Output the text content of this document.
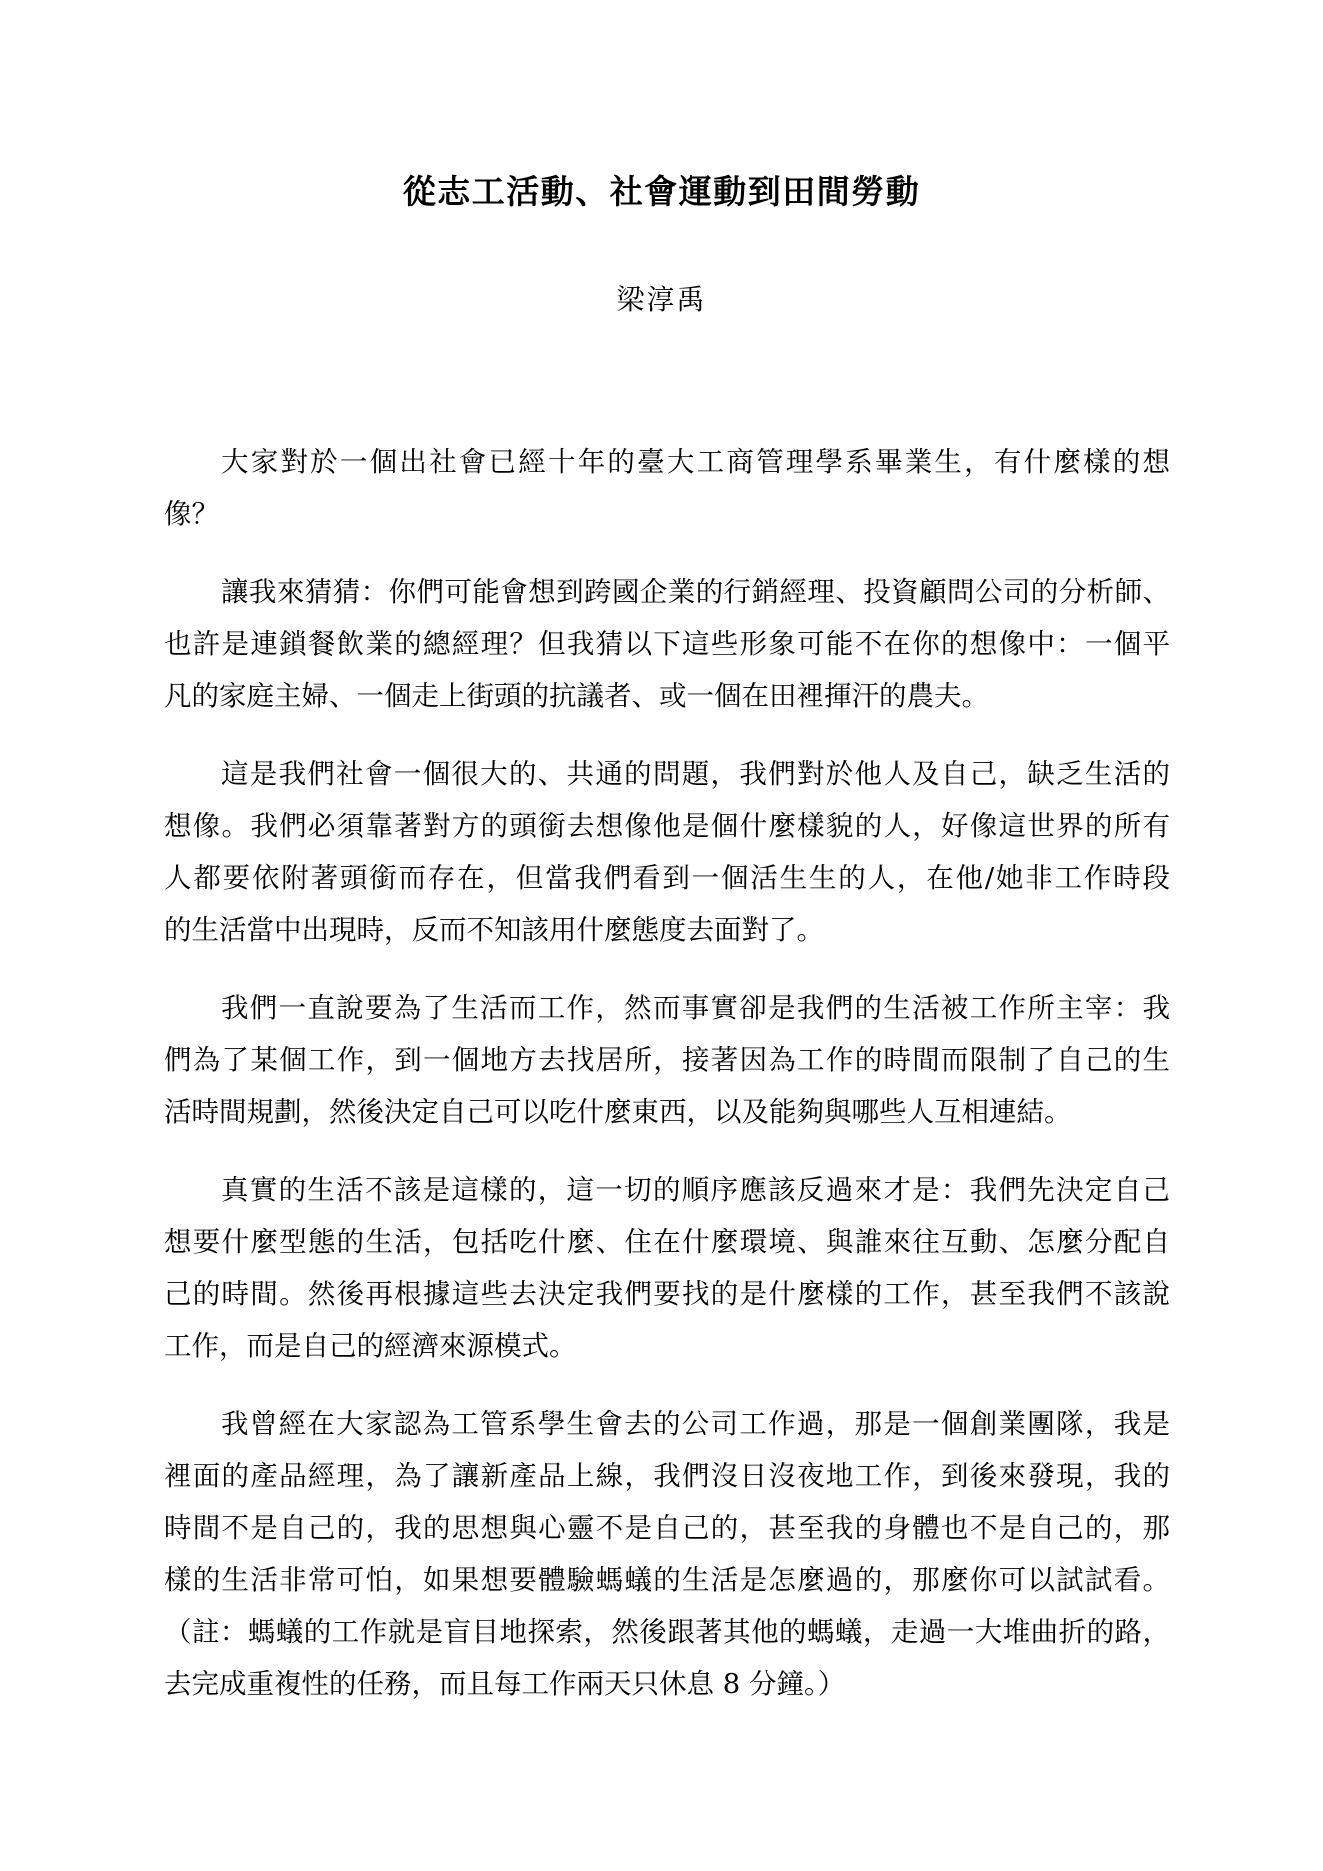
從志工活動、社會運動到田間勞動
梁淳禹
大家對於一個出社會已經十年的臺大工商管理學系畢業生，有什麼樣的想
像？
讓我來猜猜：你們可能會想到跨國企業的行銷經理、投資顧問公司的分析師、
也許是連鎖餐飲業的總經理？但我猜以下這些形象可能不在你的想像中：一個平
凡的家庭主婦、一個走上街頭的抗議者、或一個在田裡揮汗的農夫。
這是我們社會一個很大的、共通的問題，我們對於他人及自己，缺乏生活的
想像。我們必須靠著對方的頭銜去想像他是個什麼樣貌的人，好像這世界的所有
人都要依附著頭銜而存在，但當我們看到一個活生生的人，在他/她非工作時段
的生活當中出現時，反而不知該用什麼態度去面對了。
我們一直說要為了生活而工作，然而事實卻是我們的生活被工作所主宰：我
們為了某個工作，到一個地方去找居所，接著因為工作的時間而限制了自己的生
活時間規劃，然後決定自己可以吃什麼東西，以及能夠與哪些人互相連結。
真實的生活不該是這樣的，這一切的順序應該反過來才是：我們先決定自己
想要什麼型態的生活，包括吃什麼、住在什麼環境、與誰來往互動、怎麼分配自
己的時間。然後再根據這些去決定我們要找的是什麼樣的工作，甚至我們不該說
工作，而是自己的經濟來源模式。
我曾經在大家認為工管系學生會去的公司工作過，那是一個創業團隊，我是
裡面的產品經理，為了讓新產品上線，我們沒日沒夜地工作，到後來發現，我的
時間不是自己的，我的思想與心靈不是自己的，甚至我的身體也不是自己的，那
樣的生活非常可怕，如果想要體驗螞蟻的生活是怎麼過的，那麼你可以試試看。
（註：螞蟻的工作就是盲目地探索，然後跟著其他的螞蟻，走過一大堆曲折的路，
去完成重複性的任務，而且每工作兩天只休息 8 分鐘。）
